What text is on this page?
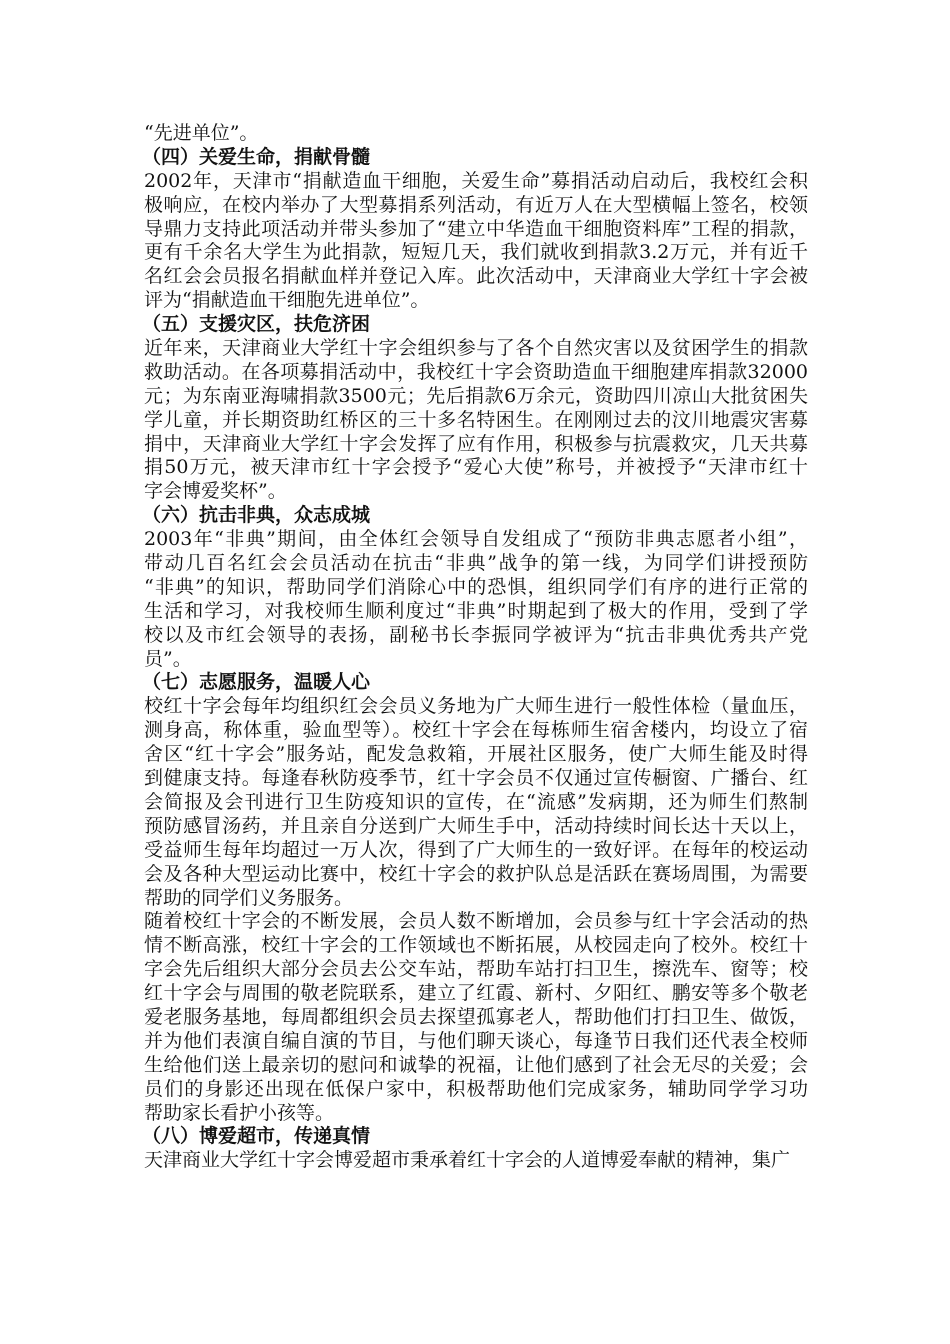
“先进单位”。
（四）关爱生命，捐献骨髓
2002年，天津市“捐献造血干细胞，关爱生命”募捐活动启动后，我校红会积
极响应，在校内举办了大型募捐系列活动，有近万人在大型横幅上签名，校领
导鼎力支持此项活动并带头参加了“建立中华造血干细胞资料库”工程的捐款，
更有千余名大学生为此捐款，短短几天，我们就收到捐款3.2万元，并有近千
名红会会员报名捐献血样并登记入库。此次活动中，天津商业大学红十字会被
评为“捐献造血干细胞先进单位”。
（五）支援灾区，扶危济困
近年来，天津商业大学红十字会组织参与了各个自然灾害以及贫困学生的捐款
救助活动。在各项募捐活动中，我校红十字会资助造血干细胞建库捐款32000
元；为东南亚海啸捐款3500元；先后捐款6万余元，资助四川凉山大批贫困失
学儿童，并长期资助红桥区的三十多名特困生。在刚刚过去的汶川地震灾害募
捐中，天津商业大学红十字会发挥了应有作用，积极参与抗震救灾，几天共募
捐50万元，被天津市红十字会授予“爱心大使”称号，并被授予“天津市红十
字会博爱奖杯”。
（六）抗击非典，众志成城
2003年“非典”期间，由全体红会领导自发组成了“预防非典志愿者小组”，
带动几百名红会会员活动在抗击“非典”战争的第一线，为同学们讲授预防
“非典”的知识，帮助同学们消除心中的恐惧，组织同学们有序的进行正常的
生活和学习，对我校师生顺利度过“非典”时期起到了极大的作用，受到了学
校以及市红会领导的表扬，副秘书长李振同学被评为“抗击非典优秀共产党
员”。
（七）志愿服务，温暖人心
校红十字会每年均组织红会会员义务地为广大师生进行一般性体检（量血压，
测身高，称体重，验血型等）。校红十字会在每栋师生宿舍楼内，均设立了宿
舍区“红十字会”服务站，配发急救箱，开展社区服务，使广大师生能及时得
到健康支持。每逢春秋防疫季节，红十字会员不仅通过宣传橱窗、广播台、红
会简报及会刊进行卫生防疫知识的宣传，在“流感”发病期，还为师生们熬制
预防感冒汤药，并且亲自分送到广大师生手中，活动持续时间长达十天以上，
受益师生每年均超过一万人次，得到了广大师生的一致好评。在每年的校运动
会及各种大型运动比赛中，校红十字会的救护队总是活跃在赛场周围，为需要
帮助的同学们义务服务。
随着校红十字会的不断发展，会员人数不断增加，会员参与红十字会活动的热
情不断高涨，校红十字会的工作领域也不断拓展，从校园走向了校外。校红十
字会先后组织大部分会员去公交车站，帮助车站打扫卫生，擦洗车、窗等；校
红十字会与周围的敬老院联系，建立了红霞、新村、夕阳红、鹏安等多个敬老
爱老服务基地，每周都组织会员去探望孤寡老人，帮助他们打扫卫生、做饭，
并为他们表演自编自演的节目，与他们聊天谈心，每逢节日我们还代表全校师
生给他们送上最亲切的慰问和诚挚的祝福，让他们感到了社会无尽的关爱；会
员们的身影还出现在低保户家中，积极帮助他们完成家务，辅助同学学习功
帮助家长看护小孩等。
（八）博爱超市，传递真情
天津商业大学红十字会博爱超市秉承着红十字会的人道博爱奉献的精神，集广
